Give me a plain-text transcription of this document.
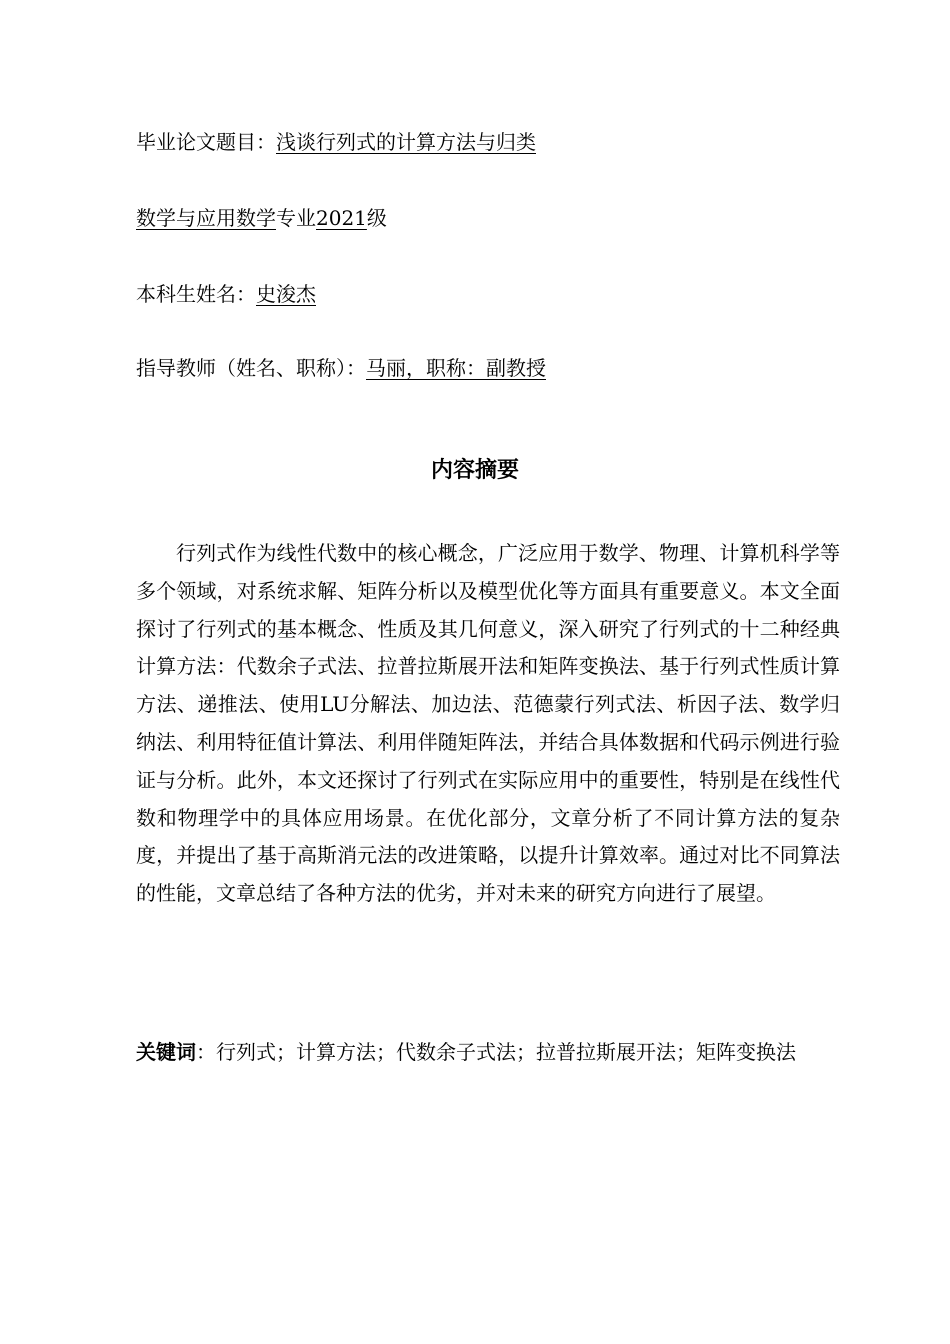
毕业论文题目：浅谈行列式的计算方法与归类
数学与应用数学专业2021级
本科生姓名：史浚杰
指导教师（姓名、职称）：马丽，职称：副教授
内容摘要

行列式作为线性代数中的核心概念，广泛应用于数学、物理、计算机科学等多个领域，对系统求解、矩阵分析以及模型优化等方面具有重要意义。本文全面探讨了行列式的基本概念、性质及其几何意义，深入研究了行列式的十二种经典计算方法：代数余子式法、拉普拉斯展开法和矩阵变换法、基于行列式性质计算方法、递推法、使用LU分解法、加边法、范德蒙行列式法、析因子法、数学归纳法、利用特征值计算法、利用伴随矩阵法，并结合具体数据和代码示例进行验证与分析。此外，本文还探讨了行列式在实际应用中的重要性，特别是在线性代数和物理学中的具体应用场景。在优化部分，文章分析了不同计算方法的复杂度，并提出了基于高斯消元法的改进策略，以提升计算效率。通过对比不同算法的性能，文章总结了各种方法的优劣，并对未来的研究方向进行了展望。

关键词：行列式；计算方法；代数余子式法；拉普拉斯展开法；矩阵变换法
